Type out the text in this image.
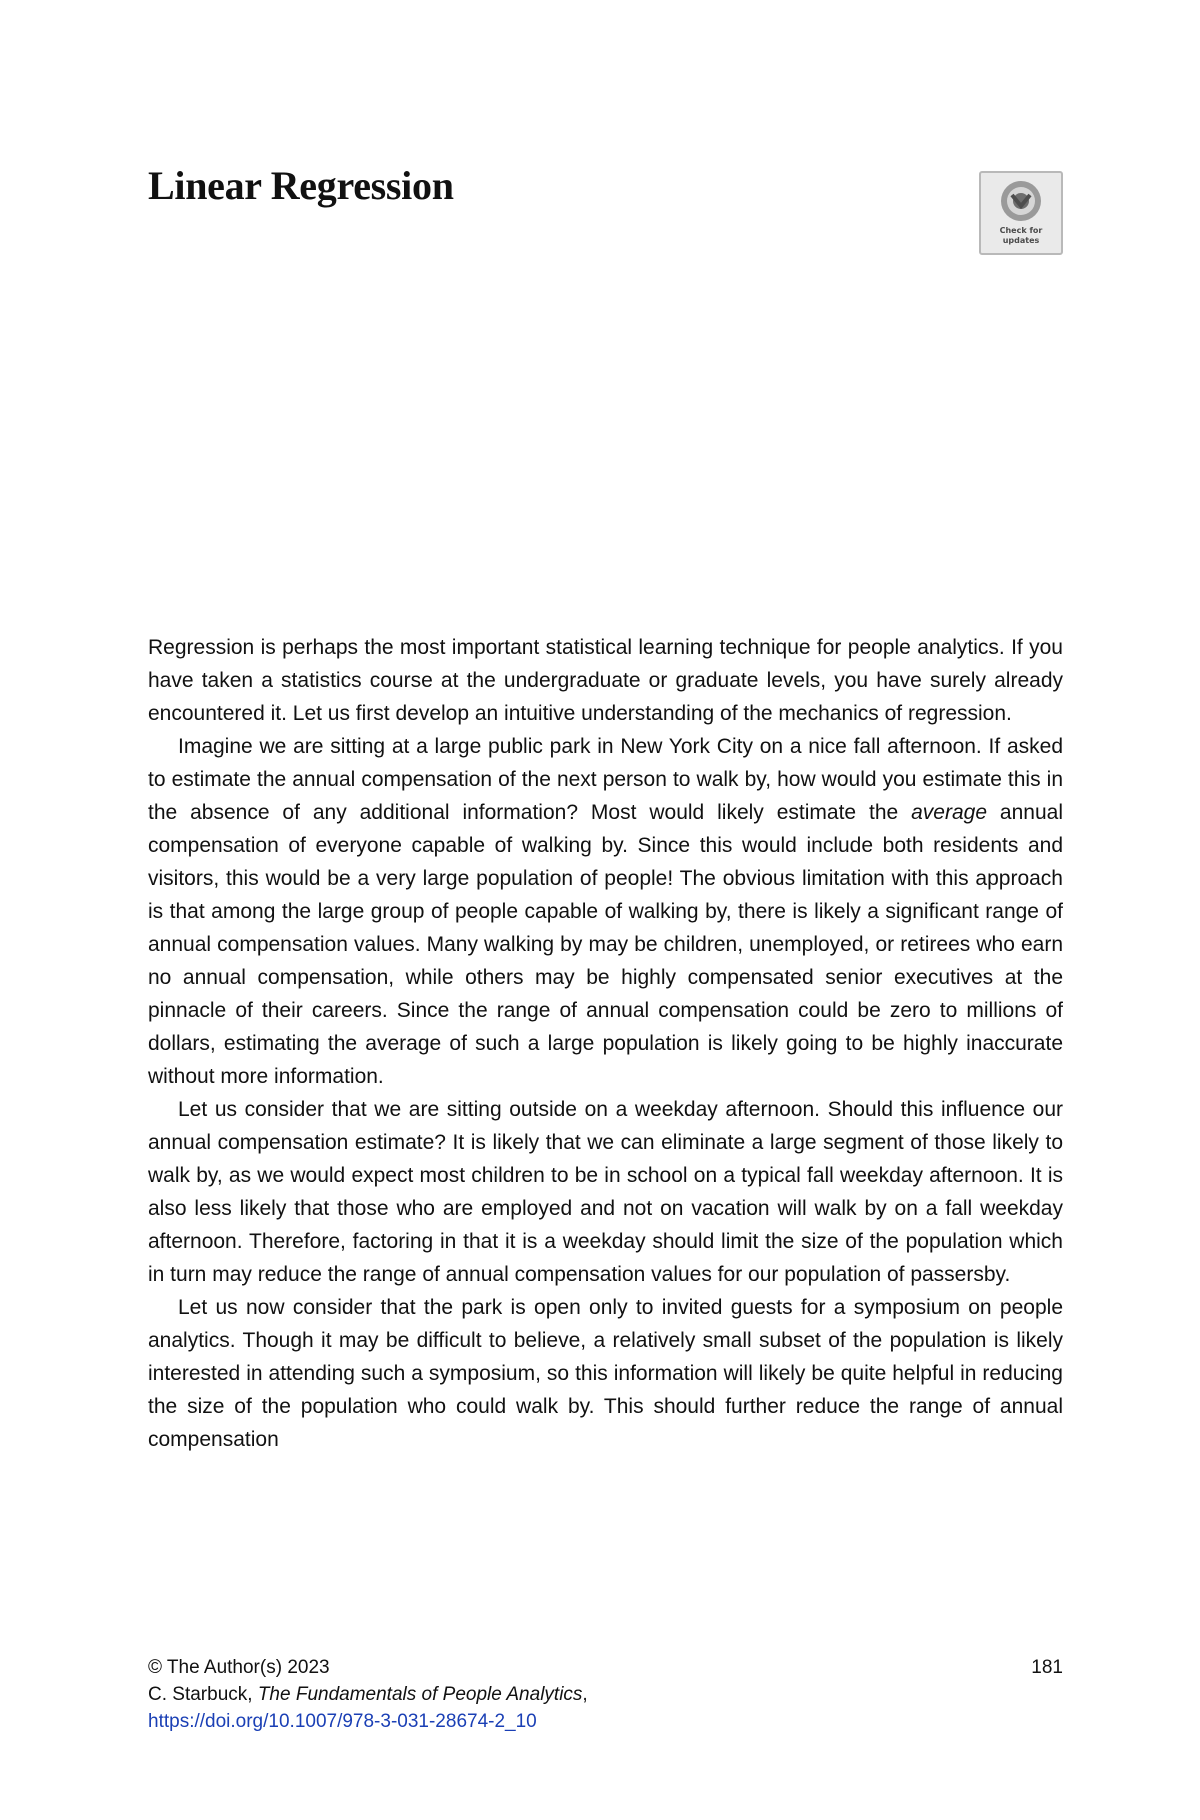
Linear Regression
Check for updates

Regression is perhaps the most important statistical learning technique for people analytics. If you have taken a statistics course at the undergraduate or graduate levels, you have surely already encountered it. Let us first develop an intuitive understanding of the mechanics of regression.

Imagine we are sitting at a large public park in New York City on a nice fall afternoon. If asked to estimate the annual compensation of the next person to walk by, how would you estimate this in the absence of any additional information? Most would likely estimate the average annual compensation of everyone capable of walking by. Since this would include both residents and visitors, this would be a very large population of people! The obvious limitation with this approach is that among the large group of people capable of walking by, there is likely a significant range of annual compensation values. Many walking by may be children, unemployed, or retirees who earn no annual compensation, while others may be highly compensated senior executives at the pinnacle of their careers. Since the range of annual compensation could be zero to millions of dollars, estimating the average of such a large population is likely going to be highly inaccurate without more information.

Let us consider that we are sitting outside on a weekday afternoon. Should this influence our annual compensation estimate? It is likely that we can eliminate a large segment of those likely to walk by, as we would expect most children to be in school on a typical fall weekday afternoon. It is also less likely that those who are employed and not on vacation will walk by on a fall weekday afternoon. Therefore, factoring in that it is a weekday should limit the size of the population which in turn may reduce the range of annual compensation values for our population of passersby.

Let us now consider that the park is open only to invited guests for a symposium on people analytics. Though it may be difficult to believe, a relatively small subset of the population is likely interested in attending such a symposium, so this information will likely be quite helpful in reducing the size of the population who could walk by. This should further reduce the range of annual compensation

© The Author(s) 2023	181
C. Starbuck, The Fundamentals of People Analytics,
https://doi.org/10.1007/978-3-031-28674-2_10
